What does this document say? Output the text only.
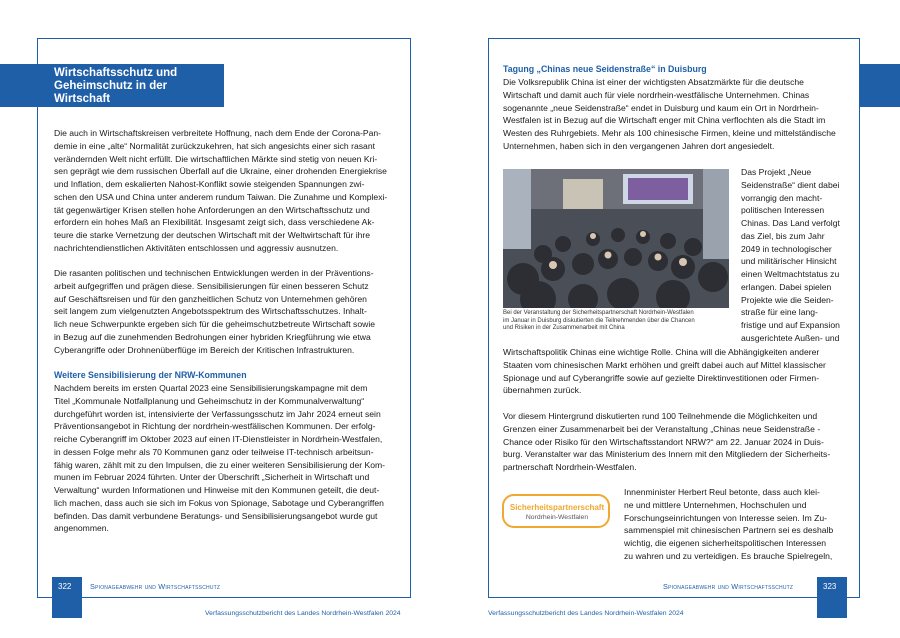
Wirtschaftsschutz und
Geheimschutz in der
Wirtschaft

Die auch in Wirtschaftskreisen verbreitete Hoffnung, nach dem Ende der Corona-Pan-
demie in eine „alte“ Normalität zurückzukehren, hat sich angesichts einer sich rasant
verändernden Welt nicht erfüllt. Die wirtschaftlichen Märkte sind stetig von neuen Kri-
sen geprägt wie dem russischen Überfall auf die Ukraine, einer drohenden Energiekrise
und Inflation, dem eskalierten Nahost-Konflikt sowie steigenden Spannungen zwi-
schen den USA und China unter anderem rundum Taiwan. Die Zunahme und Komplexi-
tät gegenwärtiger Krisen stellen hohe Anforderungen an den Wirtschaftsschutz und
erfordern ein hohes Maß an Flexibilität. Insgesamt zeigt sich, dass verschiedene Ak-
teure die starke Vernetzung der deutschen Wirtschaft mit der Weltwirtschaft für ihre
nachrichtendienstlichen Aktivitäten entschlossen und aggressiv ausnutzen.

Die rasanten politischen und technischen Entwicklungen werden in der Präventions-
arbeit aufgegriffen und prägen diese. Sensibilisierungen für einen besseren Schutz
auf Geschäftsreisen und für den ganzheitlichen Schutz von Unternehmen gehören
seit langem zum vielgenutzten Angebotsspektrum des Wirtschaftsschutzes. Inhalt-
lich neue Schwerpunkte ergeben sich für die geheimschutzbetreute Wirtschaft sowie
in Bezug auf die zunehmenden Bedrohungen einer hybriden Kriegführung wie etwa
Cyberangriffe oder Drohnenüberflüge im Bereich der Kritischen Infrastrukturen.

Weitere Sensibilisierung der NRW-Kommunen

Nachdem bereits im ersten Quartal 2023 eine Sensibilisierungskampagne mit dem
Titel „Kommunale Notfallplanung und Geheimschutz in der Kommunalverwaltung“
durchgeführt worden ist, intensivierte der Verfassungsschutz im Jahr 2024 erneut sein
Präventionsangebot in Richtung der nordrhein-westfälischen Kommunen. Der erfolg-
reiche Cyberangriff im Oktober 2023 auf einen IT-Dienstleister in Nordrhein-Westfalen,
in dessen Folge mehr als 70 Kommunen ganz oder teilweise IT-technisch arbeitsun-
fähig waren, zählt mit zu den Impulsen, die zu einer weiteren Sensibilisierung der Kom-
munen im Februar 2024 führten. Unter der Überschrift „Sicherheit in Wirtschaft und
Verwaltung“ wurden Informationen und Hinweise mit den Kommunen geteilt, die deut-
lich machen, dass auch sie sich im Fokus von Spionage, Sabotage und Cyberangriffen
befinden. Das damit verbundene Beratungs- und Sensibilisierungsangebot wurde gut
angenommen.

Tagung „Chinas neue Seidenstraße“ in Duisburg

Die Volksrepublik China ist einer der wichtigsten Absatzmärkte für die deutsche
Wirtschaft und damit auch für viele nordrhein-westfälische Unternehmen. Chinas
sogenannte „neue Seidenstraße“ endet in Duisburg und kaum ein Ort in Nordrhein-
Westfalen ist in Bezug auf die Wirtschaft enger mit China verflochten als die Stadt im
Westen des Ruhrgebiets. Mehr als 100 chinesische Firmen, kleine und mittelständische
Unternehmen, haben sich in den vergangenen Jahren dort angesiedelt.

Bei der Veranstaltung der Sicherheitspartnerschaft Nordrhein-Westfalen
im Januar in Duisburg diskutierten die Teilnehmenden über die Chancen
und Risiken in der Zusammenarbeit mit China

Das Projekt „Neue
Seidenstraße“ dient dabei
vorrangig den macht-
politischen Interessen
Chinas. Das Land verfolgt
das Ziel, bis zum Jahr
2049 in technologischer
und militärischer Hinsicht
einen Weltmachtstatus zu
erlangen. Dabei spielen
Projekte wie die Seiden-
straße für eine lang-
fristige und auf Expansion
ausgerichtete Außen- und

Wirtschaftspolitik Chinas eine wichtige Rolle. China will die Abhängigkeiten anderer
Staaten vom chinesischen Markt erhöhen und greift dabei auch auf Mittel klassischer
Spionage und auf Cyberangriffe sowie auf gezielte Direktinvestitionen oder Firmen-
übernahmen zurück.

Vor diesem Hintergrund diskutierten rund 100 Teilnehmende die Möglichkeiten und
Grenzen einer Zusammenarbeit bei der Veranstaltung „Chinas neue Seidenstraße -
Chance oder Risiko für den Wirtschaftsstandort NRW?“ am 22. Januar 2024 in Duis-
burg. Veranstalter war das Ministerium des Innern mit den Mitgliedern der Sicherheits-
partnerschaft Nordrhein-Westfalen.

Sicherheitspartnerschaft
Nordrhein-Westfalen

Innenminister Herbert Reul betonte, dass auch klei-
ne und mittlere Unternehmen, Hochschulen und
Forschungseinrichtungen von Interesse seien. Im Zu-
sammenspiel mit chinesischen Partnern sei es deshalb
wichtig, die eigenen sicherheitspolitischen Interessen
zu wahren und zu verteidigen. Es brauche Spielregeln,

322	Spionageabwehr und Wirtschaftsschutz
Verfassungsschutzbericht des Landes Nordrhein-Westfalen 2024
323
Spionageabwehr und Wirtschaftsschutz
Verfassungsschutzbericht des Landes Nordrhein-Westfalen 2024
